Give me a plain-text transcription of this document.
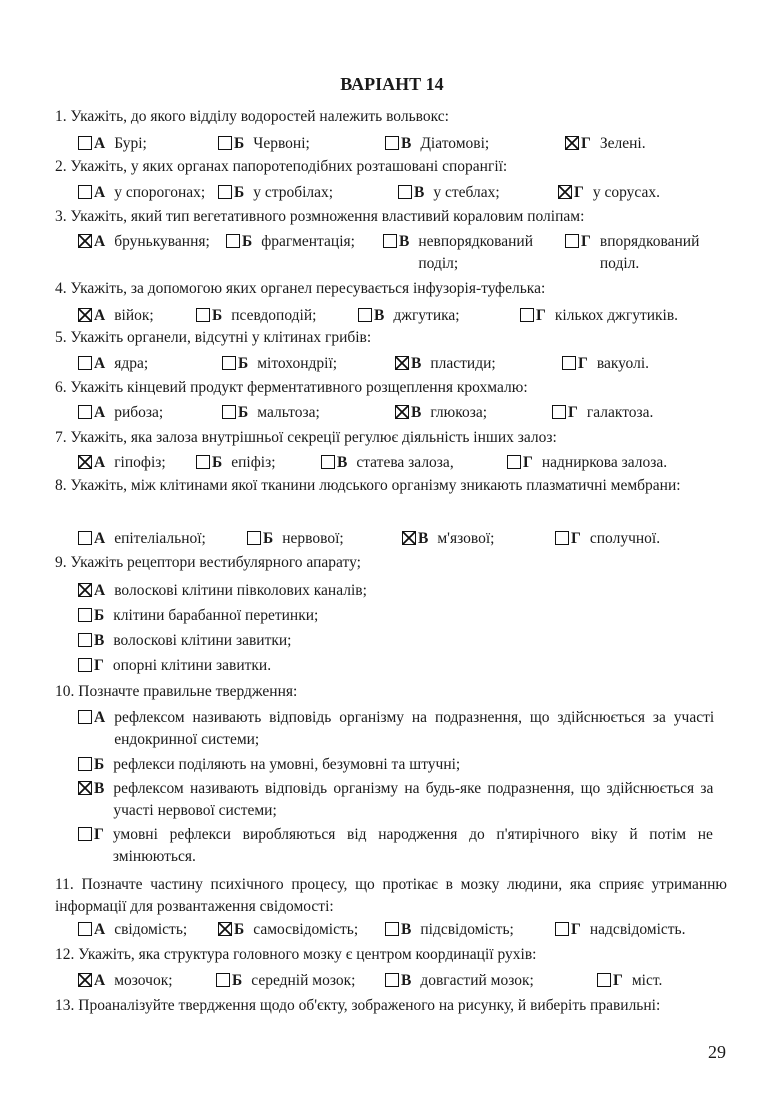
ВАРІАНТ 14
1. Укажіть, до якого відділу водоростей належить вольвокс:
А Бурі;	Б Червоні;	В Діатомові;	Г Зелені.
2. Укажіть, у яких органах папоротеподібних розташовані спорангії:
А у спорогонах; Б у стробілах;	В у стеблах;	Г у сорусах.
3. Укажіть, який тип вегетативного розмноження властивий кораловим поліпам:
А брунькування; Б фрагментація;	В невпорядкований поділ;
Г впорядкований поділ.
4. Укажіть, за допомогою яких органел пересувається інфузорія-туфелька:
А війок;	Б псевдоподій;	В джгутика;	Г кількох джгутиків.
5. Укажіть органели, відсутні у клітинах грибів:
А ядра;	Б мітохондрії;	В пластиди;	Г вакуолі.
6. Укажіть кінцевий продукт ферментативного розщеплення крохмалю:
А рибоза;	Б мальтоза;	В глюкоза;	Г галактоза.
7. Укажіть, яка залоза внутрішньої секреції регулює діяльність інших залоз:
А гіпофіз;	Б епіфіз;	В статева залоза,	Г надниркова залоза.
8. Укажіть, між клітинами якої тканини людського організму зникають плазматичні мембрани:
А епітеліальної;	Б нервової;	В м'язової;	Г сполучної.
9. Укажіть рецептори вестибулярного апарату;
А волоскові клітини півколових каналів;
Б клітини барабанної перетинки;
В волоскові клітини завитки;
Г опорні клітини завитки.
10. Позначте правильне твердження:
А рефлексом називають відповідь організму на подразнення, що здійснюється за участі ендокринної системи;
Б рефлекси поділяють на умовні, безумовні та штучні;
В рефлексом називають відповідь організму на будь-яке подразнення, що здійснюється за участі нервової системи;
Г умовні рефлекси виробляються від народження до п'ятирічного віку й потім не змінюються.
11. Позначте частину психічного процесу, що протікає в мозку людини, яка сприяє утриманню інформації для розвантаження свідомості:
А свідомість;	Б самосвідомість;	В підсвідомість;	Г надсвідомість.
12. Укажіть, яка структура головного мозку є центром координації рухів:
А мозочок;	Б середній мозок;	В довгастий мозок;	Г міст.
13. Проаналізуйте твердження щодо об'єкту, зображеного на рисунку, й виберіть правильні:
29
